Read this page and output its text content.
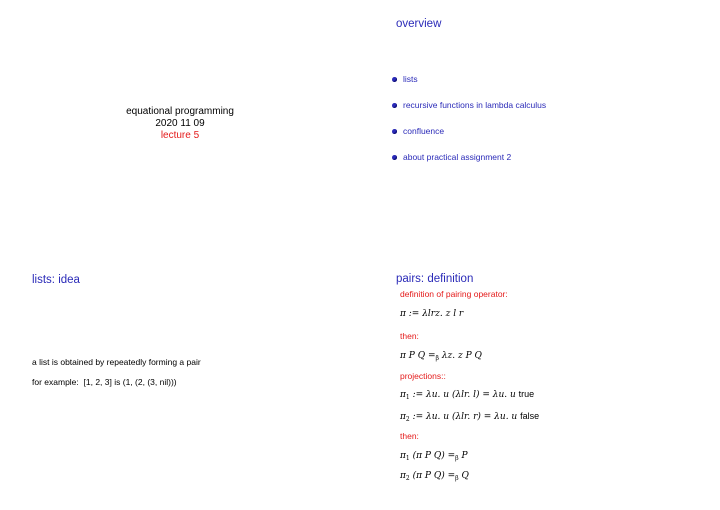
equational programming
2020 11 09
lecture 5
overview
lists
recursive functions in lambda calculus
confluence
about practical assignment 2
lists: idea
a list is obtained by repeatedly forming a pair
for example: [1, 2, 3] is (1, (2, (3, nil)))
pairs: definition
definition of pairing operator:
π := λlrz. z l r
then:
π P $Q =_\beta$ λz. z P Q
projections::
$\pi_1$ := λu. u (λlr. l) = λu. u true
$\pi_2$ := λu. u (λlr. r) = λu. u false
then:
$\pi_1$ (π P $Q) =_\beta$ P
$\pi_2$ (π P $Q) =_\beta$ Q
